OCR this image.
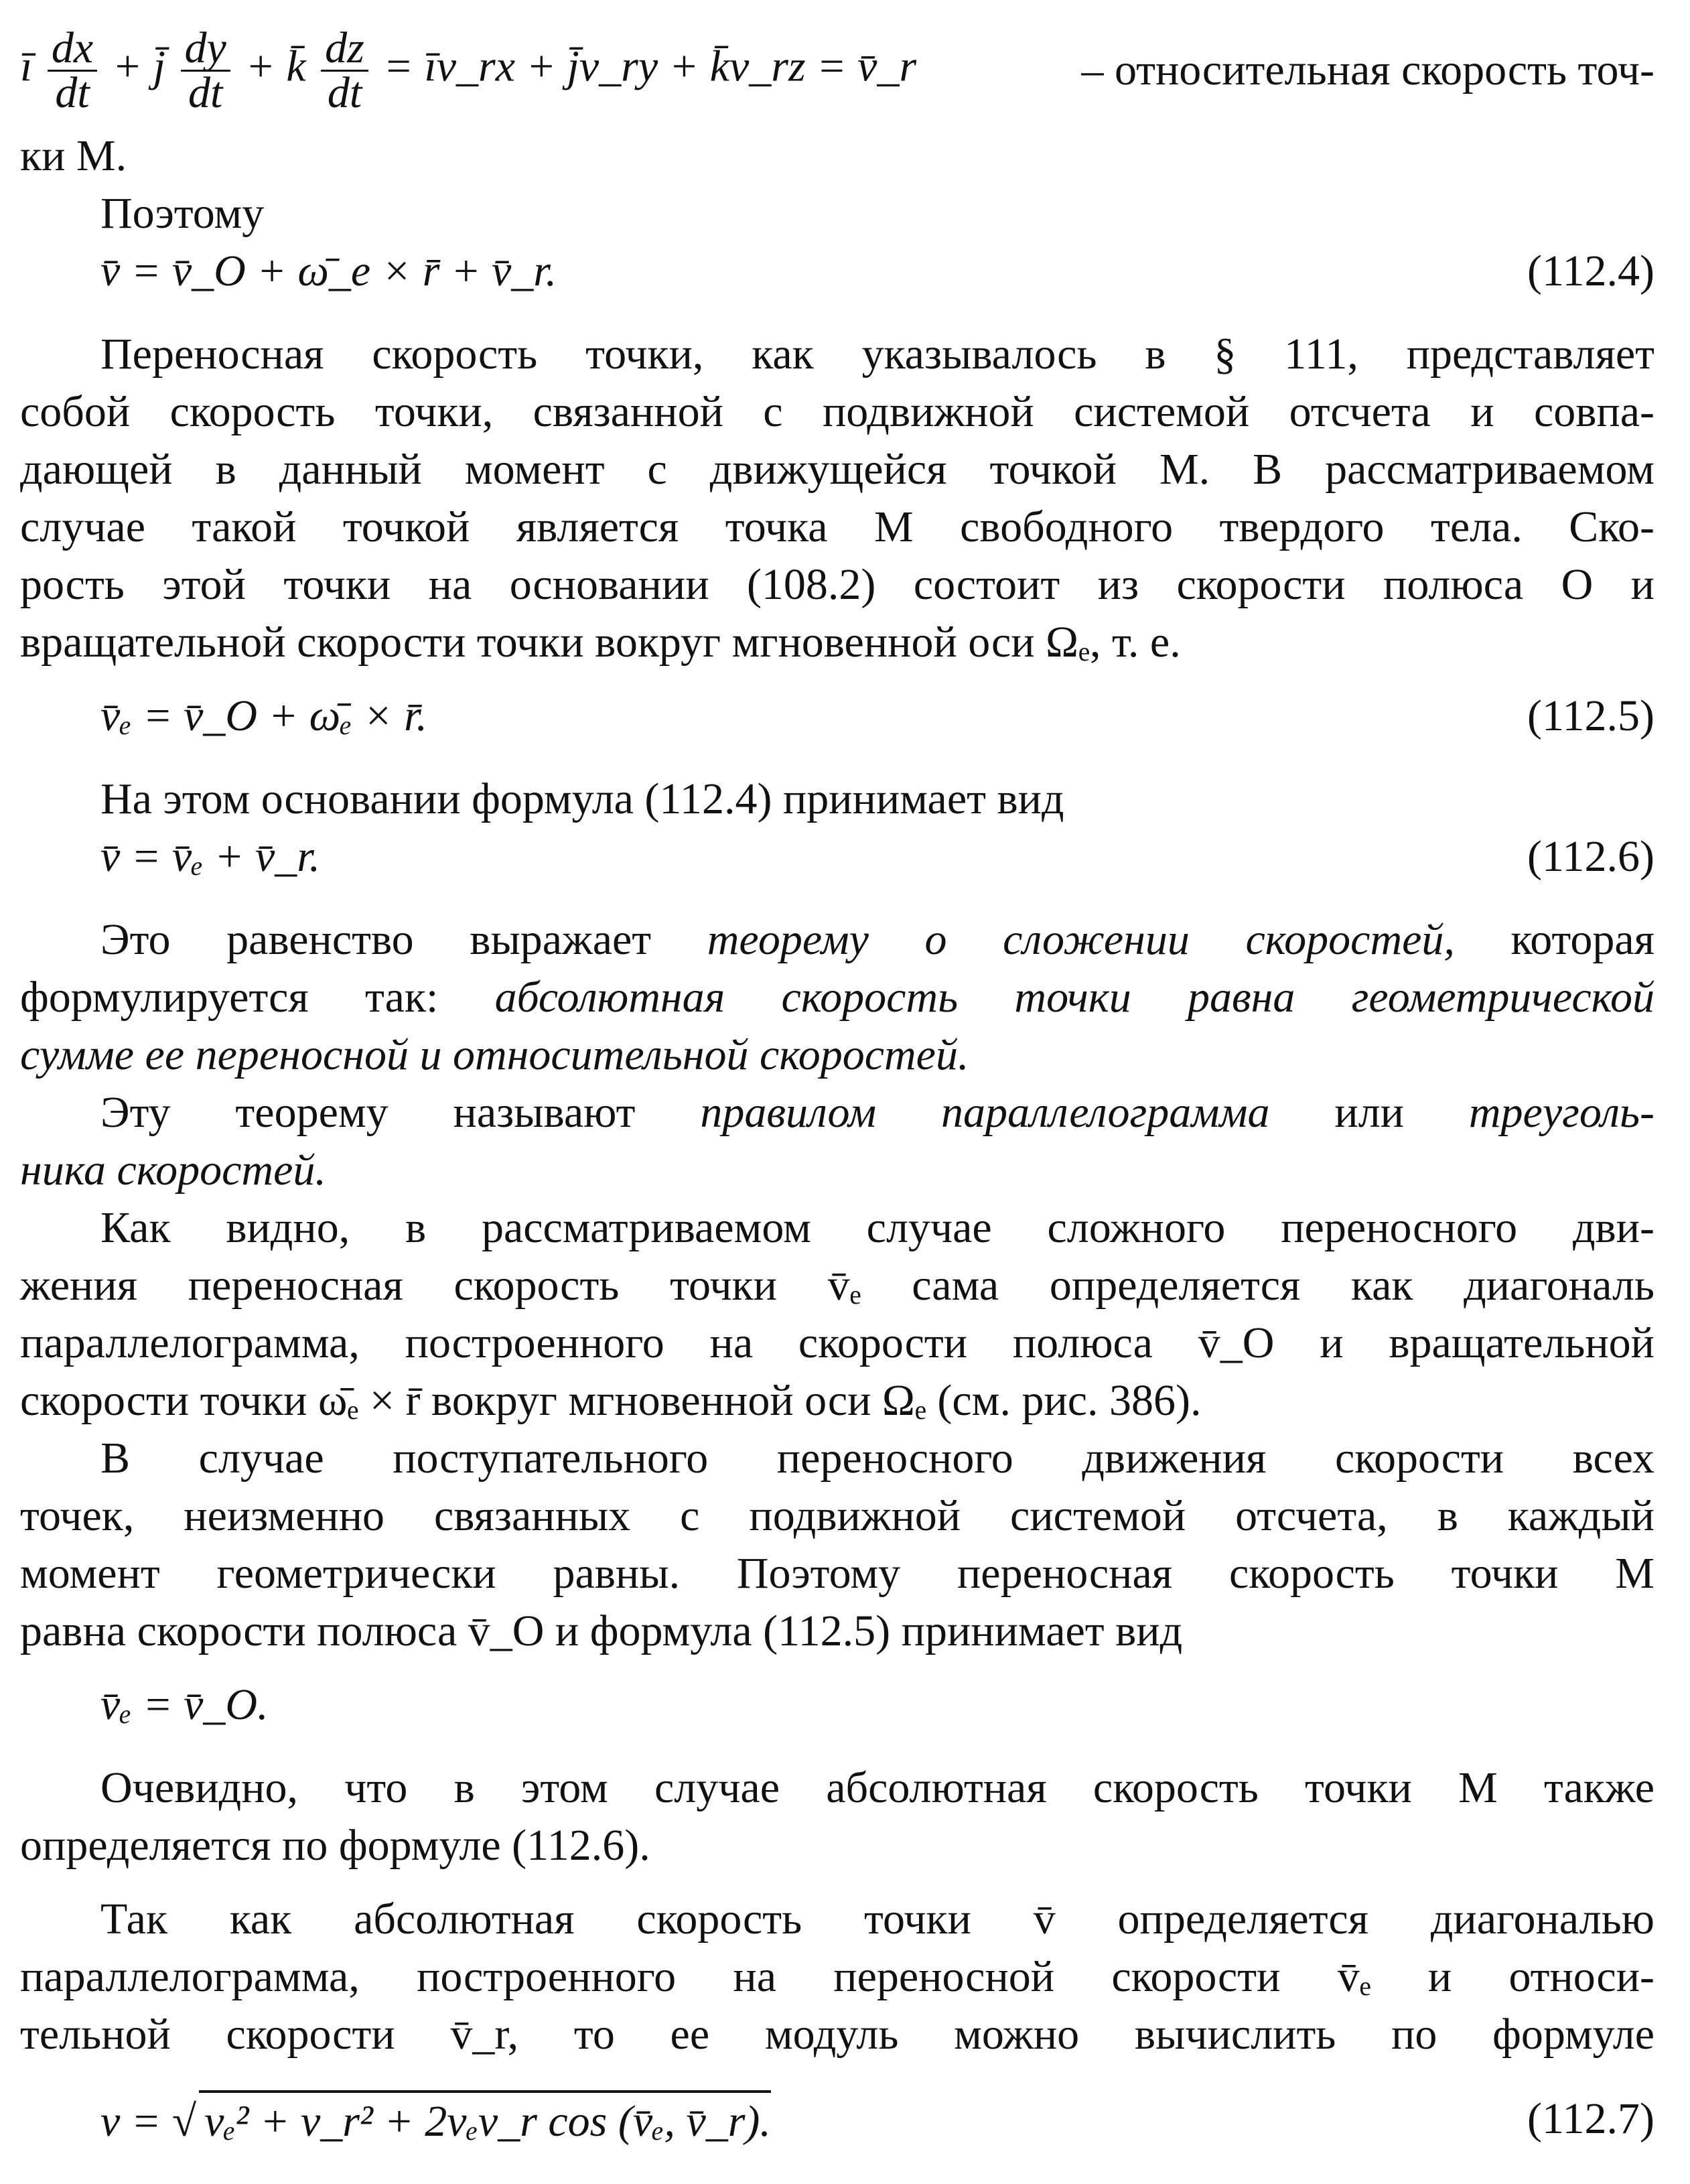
ī $\frac{dx}{dt}$ + j̄ $\frac{dy}{dt}$ + k̄ $\frac{dz}{dt}$ = īv_rx + j̄v_ry + k̄v_rz = v̄_r	– относительная скорость точ-
ки M.
Поэтому
v̄ = v̄_O + ω̄_e × r̄ + v̄_r.	(112.4)
Переносная скорость точки, как указывалось в § 111, представляет
собой скорость точки, связанной с подвижной системой отсчета и совпа-
дающей в данный момент с движущейся точкой M. В рассматриваемом
случае такой точкой является точка M свободного твердого тела. Ско-
рость этой точки на основании (108.2) состоит из скорости полюса O и
вращательной скорости точки вокруг мгновенной оси Ωₑ, т. е.
v̄ₑ = v̄_O + ω̄ₑ × r̄.	(112.5)
На этом основании формула (112.4) принимает вид
v̄ = v̄ₑ + v̄_r.	(112.6)
Это равенство выражает теорему о сложении скоростей, которая
формулируется так: абсолютная скорость точки равна геометрической
сумме ее переносной и относительной скоростей.
Эту теорему называют правилом параллелограмма или треуголь-
ника скоростей.
Как видно, в рассматриваемом случае сложного переносного дви-
жения переносная скорость точки v̄ₑ сама определяется как диагональ
параллелограмма, построенного на скорости полюса v̄_O и вращательной
скорости точки ω̄ₑ × r̄ вокруг мгновенной оси Ωₑ (см. рис. 386).
В случае поступательного переносного движения скорости всех
точек, неизменно связанных с подвижной системой отсчета, в каждый
момент геометрически равны. Поэтому переносная скорость точки M
равна скорости полюса v̄_O и формула (112.5) принимает вид
v̄ₑ = v̄_O.
Очевидно, что в этом случае абсолютная скорость точки M также
определяется по формуле (112.6).
Так как абсолютная скорость точки v̄ определяется диагональю
параллелограмма, построенного на переносной скорости v̄ₑ и относи-
тельной скорости v̄_r, то ее модуль можно вычислить по формуле
v = √ vₑ² + v_r² + 2vₑv_r cos (v̄ₑ, v̄_r).	(112.7)
